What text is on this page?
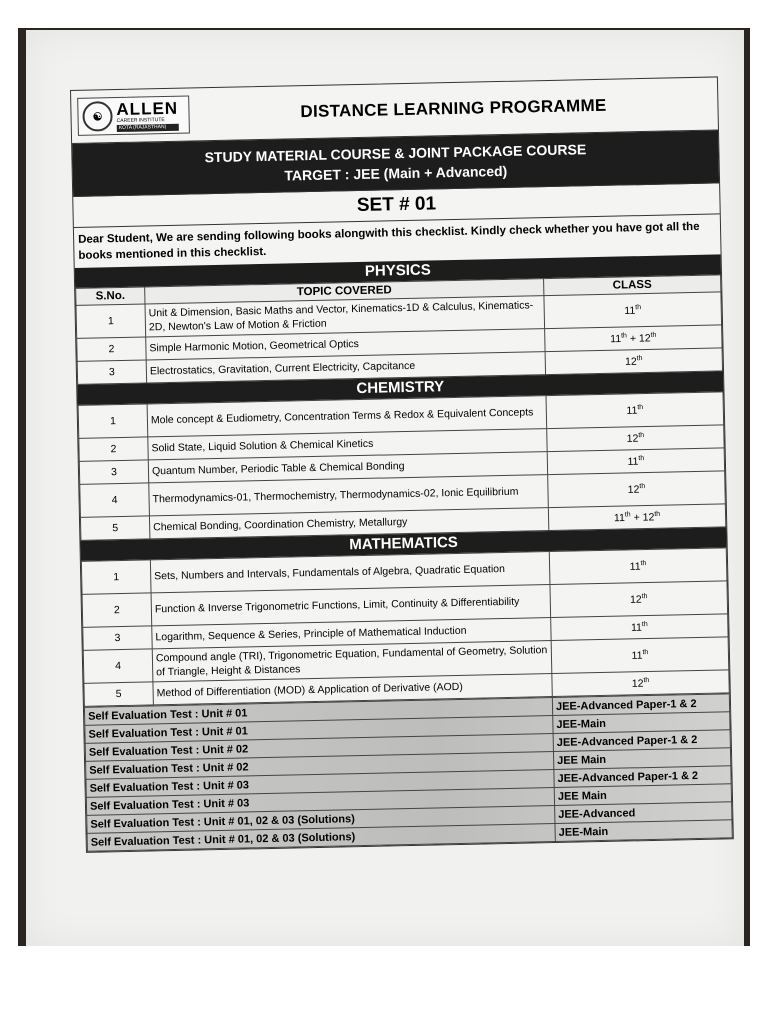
☯ ALLEN
CAREER INSTITUTE
KOTA (RAJASTHAN)
DISTANCE LEARNING PROGRAMME
STUDY MATERIAL COURSE & JOINT PACKAGE COURSE
TARGET : JEE (Main + Advanced)
SET # 01
Dear Student, We are sending following books alongwith this checklist. Kindly check whether you have got all the books mentioned in this checklist.
PHYSICS
S.No.	TOPIC COVERED	CLASS
1	Unit & Dimension, Basic Maths and Vector, Kinematics-1D & Calculus, Kinematics-2D, Newton's Law of Motion & Friction	11th
2	Simple Harmonic Motion, Geometrical Optics	11th + 12th
3	Electrostatics, Gravitation, Current Electricity, Capcitance	12th
CHEMISTRY
1	Mole concept & Eudiometry, Concentration Terms & Redox & Equivalent Concepts	11th
2	Solid State, Liquid Solution & Chemical Kinetics	12th
3	Quantum Number, Periodic Table & Chemical Bonding	11th
4	Thermodynamics-01, Thermochemistry, Thermodynamics-02, Ionic Equilibrium	12th
5	Chemical Bonding, Coordination Chemistry, Metallurgy	11th + 12th
MATHEMATICS
1	Sets, Numbers and Intervals, Fundamentals of Algebra, Quadratic Equation	11th
2	Function & Inverse Trigonometric Functions, Limit, Continuity & Differentiability	12th
3	Logarithm, Sequence & Series, Principle of Mathematical Induction	11th
4	Compound angle (TRI), Trigonometric Equation, Fundamental of Geometry, Solution of Triangle, Height & Distances	11th
5	Method of Differentiation (MOD) & Application of Derivative (AOD)	12th
Self Evaluation Test : Unit # 01	JEE-Advanced Paper-1 & 2
Self Evaluation Test : Unit # 01	JEE-Main
Self Evaluation Test : Unit # 02	JEE-Advanced Paper-1 & 2
Self Evaluation Test : Unit # 02	JEE Main
Self Evaluation Test : Unit # 03	JEE-Advanced Paper-1 & 2
Self Evaluation Test : Unit # 03	JEE Main
Self Evaluation Test : Unit # 01, 02 & 03 (Solutions)	JEE-Advanced
Self Evaluation Test : Unit # 01, 02 & 03 (Solutions)	JEE-Main
